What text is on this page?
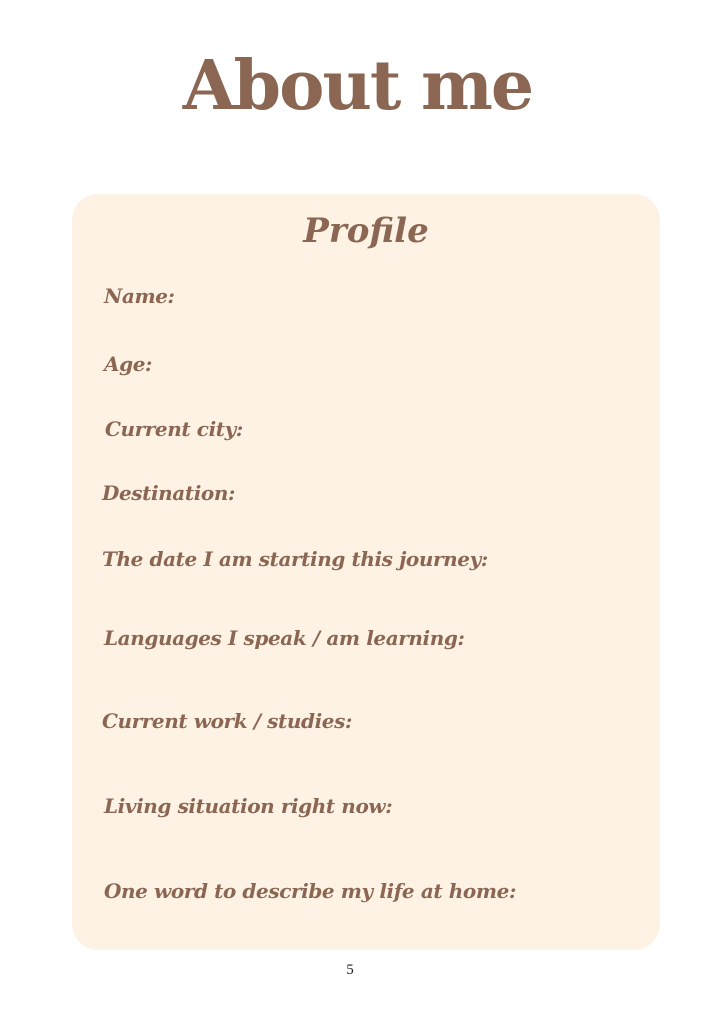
About me
Profile
Name:
Age:
Current city:
Destination:
The date I am starting this journey:
Languages I speak / am learning:
Current work / studies:
Living situation right now:
One word to describe my life at home:
5
